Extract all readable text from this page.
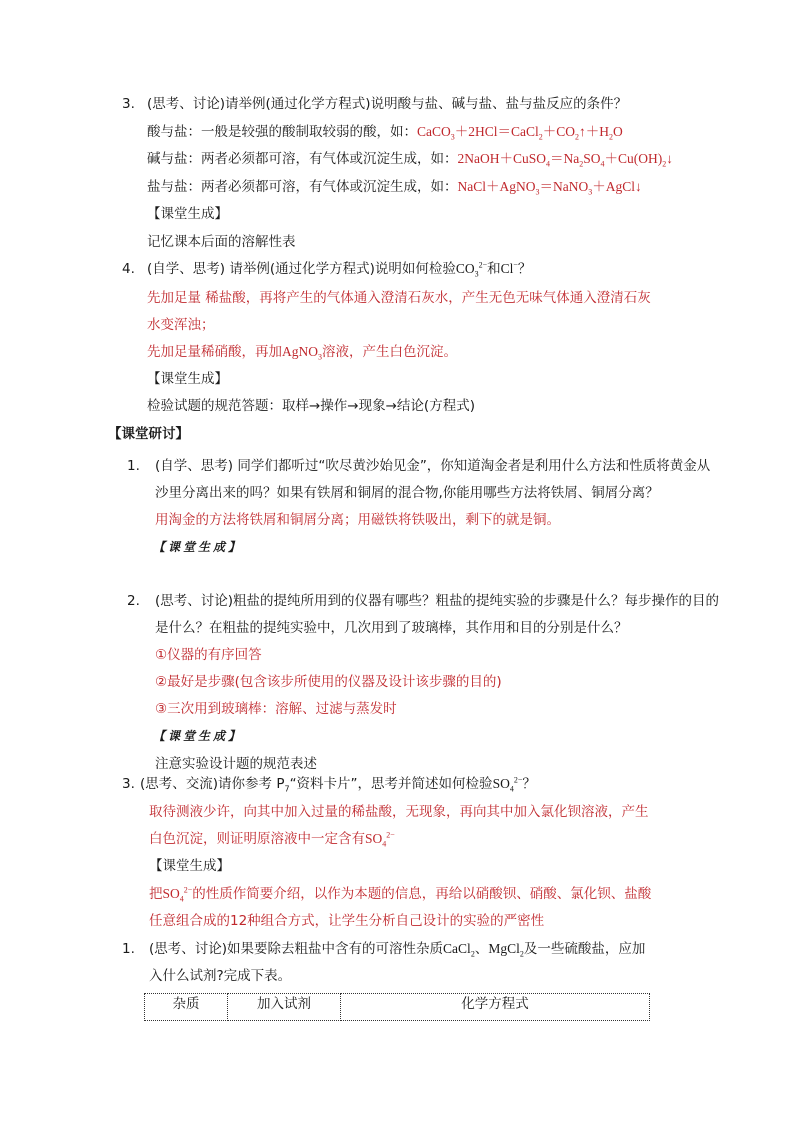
3. (思考、讨论)请举例(通过化学方程式)说明酸与盐、碱与盐、盐与盐反应的条件？
酸与盐：一般是较强的酸制取较弱的酸，如：$CaCO_3+2HCl=CaCl_2+CO_2↑+H_2O$
碱与盐：两者必须都可溶，有气体或沉淀生成，如：$2NaOH+CuSO_4=Na_2SO_4+Cu(OH)_2↓$
盐与盐：两者必须都可溶，有气体或沉淀生成，如：NaCl＋AgNO$_3$＝NaNO$_3$＋AgCl↓
【课堂生成】
记忆课本后面的溶解性表
4. (自学、思考) 请举例(通过化学方程式)说明如何检验$CO_3^{2-}$和Cl−？
先加足量 稀盐酸，再将产生的气体通入澄清石灰水，产生无色无味气体通入澄清石灰
水变浑浊；
先加足量稀硝酸，再加AgNO$_3$溶液，产生白色沉淀。
【课堂生成】
检验试题的规范答题：取样→操作→现象→结论(方程式)
【课堂研讨】
1. (自学、思考) 同学们都听过“吹尽黄沙始见金”，你知道淘金者是利用什么方法和性质将黄金从
沙里分离出来的吗？如果有铁屑和铜屑的混合物,你能用哪些方法将铁屑、铜屑分离？
用淘金的方法将铁屑和铜屑分离；用磁铁将铁吸出，剩下的就是铜。
【课堂生成】
2. (思考、讨论)粗盐的提纯所用到的仪器有哪些？粗盐的提纯实验的步骤是什么？每步操作的目的
是什么？在粗盐的提纯实验中，几次用到了玻璃棒，其作用和目的分别是什么？
①仪器的有序回答
②最好是步骤(包含该步所使用的仪器及设计该步骤的目的)
③三次用到玻璃棒：溶解、过滤与蒸发时
【课堂生成】
注意实验设计题的规范表述
3. (思考、交流)请你参考 $P_7“$资料卡片”，思考并简述如何检验$SO_4^{2-}$？
取待测液少许，向其中加入过量的稀盐酸，无现象，再向其中加入氯化钡溶液，产生
白色沉淀，则证明原溶液中一定含有$SO_4^{2-}$
【课堂生成】
把$SO_4^{2-}$的性质作简要介绍，以作为本题的信息，再给以硝酸钡、硝酸、氯化钡、盐酸
任意组合成的12种组合方式，让学生分析自己设计的实验的严密性
1. (思考、讨论)如果要除去粗盐中含有的可溶性杂质CaCl$_2$、MgCl$_2$及一些硫酸盐，应加
入什么试剂?完成下表。
杂质	加入试剂	化学方程式
